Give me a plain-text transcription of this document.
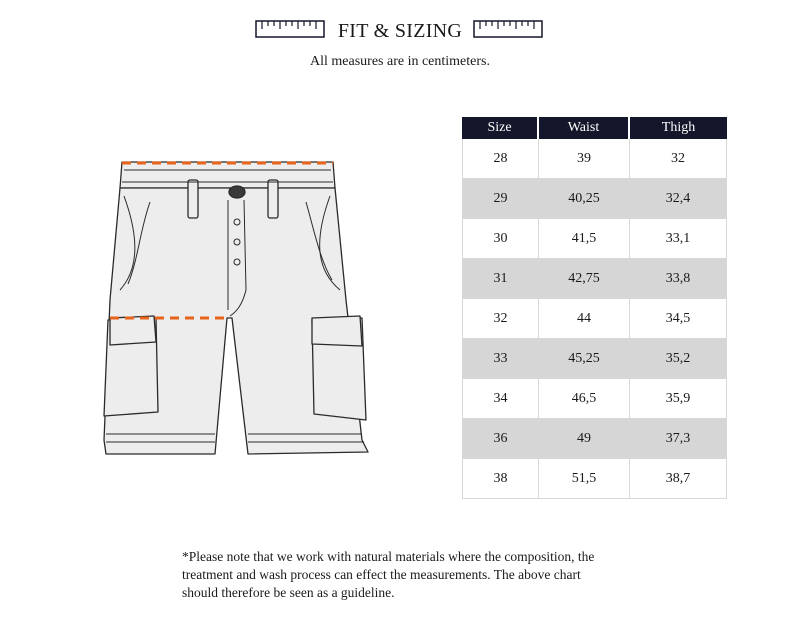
FIT & SIZING
All measures are in centimeters.
Size	Waist	Thigh
28	39	32
29	40,25	32,4
30	41,5	33,1
31	42,75	33,8
32	44	34,5
33	45,25	35,2
34	46,5	35,9
36	49	37,3
38	51,5	38,7
*Please note that we work with natural materials where the composition, the
treatment and wash process can effect the measurements. The above chart
should therefore be seen as a guideline.
